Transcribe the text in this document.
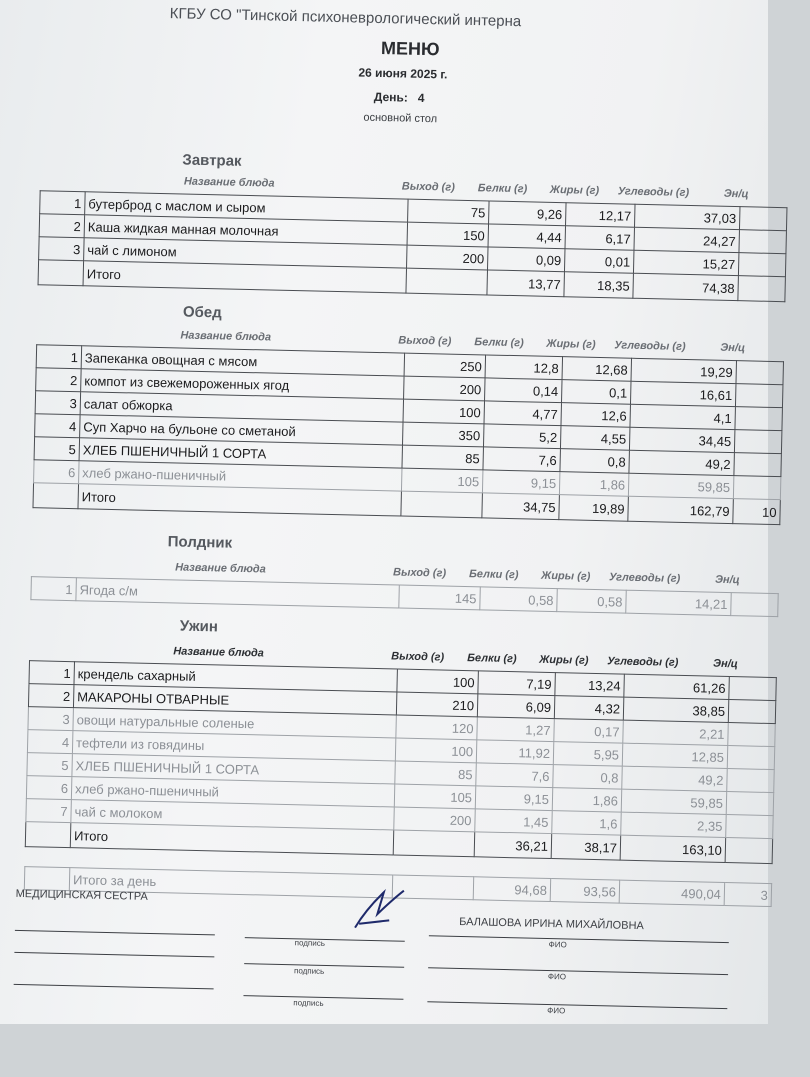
КГБУ СО "Тинской психоневрологический интерна
МЕНЮ
26 июня 2025 г.
День: 4
основной стол
Завтрак
Название блюда	Выход (г) Белки (г) Жиры (г) Углеводы (г)	Эн/ц
1	бутерброд с маслом и сыром	75	9,26	12,17	37,03	
2	Каша жидкая манная молочная	150	4,44	6,17	24,27	
3	чай с лимоном	200	0,09	0,01	15,27	
	Итого		13,77	18,35	74,38	
Обед
Название блюда	Выход (г) Белки (г) Жиры (г) Углеводы (г)	Эн/ц
1	Запеканка овощная с мясом	250	12,8	12,68	19,29	
2	компот из свежемороженных ягод	200	0,14	0,1	16,61	
3	салат обжорка	100	4,77	12,6	4,1	
4	Суп Харчо на бульоне со сметаной	350	5,2	4,55	34,45	
5	ХЛЕБ ПШЕНИЧНЫЙ 1 СОРТА	85	7,6	0,8	49,2	
6	хлеб ржано-пшеничный	105	9,15	1,86	59,85	
	Итого		34,75	19,89	162,79	10
Полдник
Название блюда	Выход (г) Белки (г) Жиры (г) Углеводы (г)	Эн/ц
1	Ягода с/м	145	0,58	0,58	14,21	
Ужин
Название блюда	Выход (г) Белки (г) Жиры (г) Углеводы (г)	Эн/ц
1	крендель сахарный	100	7,19	13,24	61,26	
2	МАКАРОНЫ ОТВАРНЫЕ	210	6,09	4,32	38,85	
3	овощи натуральные соленые	120	1,27	0,17	2,21	
4	тефтели из говядины	100	11,92	5,95	12,85	
5	ХЛЕБ ПШЕНИЧНЫЙ 1 СОРТА	85	7,6	0,8	49,2	
6	хлеб ржано-пшеничный	105	9,15	1,86	59,85	
7	чай с молоком	200	1,45	1,6	2,35	
	Итого		36,21	38,17	163,10	
	Итого за день		94,68	93,56	490,04	3
МЕДИЦИНСКАЯ СЕСТРА
БАЛАШОВА ИРИНА МИХАЙЛОВНА
подпись	ФИО
подпись
ФИО
подпись
ФИО
